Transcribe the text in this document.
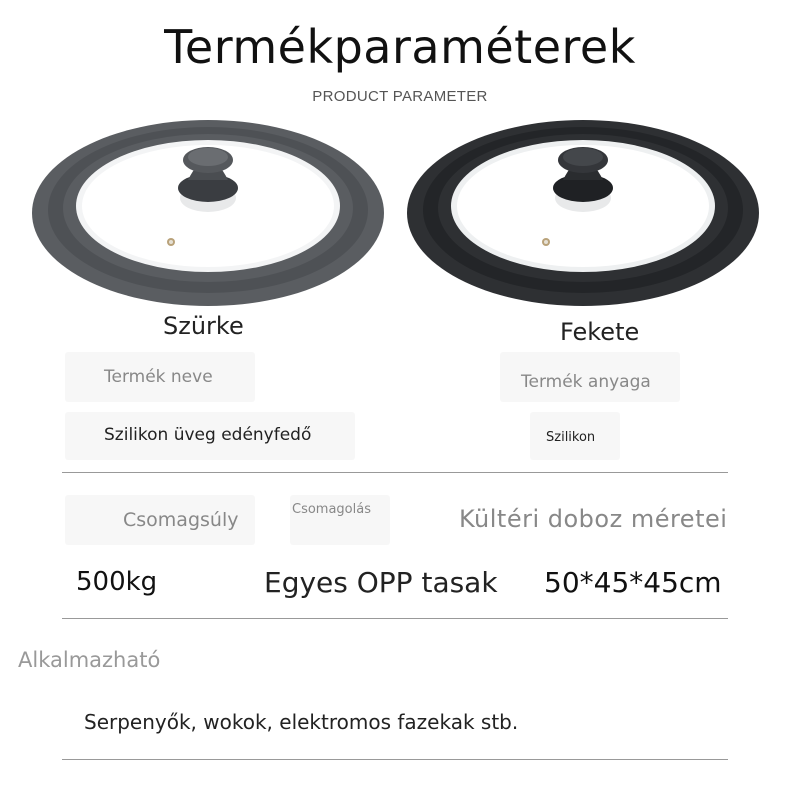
Termékparaméterek
PRODUCT PARAMETER
Szürke	Fekete
Termék neve	Termék anyaga
Szilikon üveg edényfedő	Szilikon
Csomagsúly	Csomagolás	Kültéri doboz méretei
500kg	Egyes OPP tasak 50*45*45cm
Alkalmazható
Serpenyők, wokok, elektromos fazekak stb.
